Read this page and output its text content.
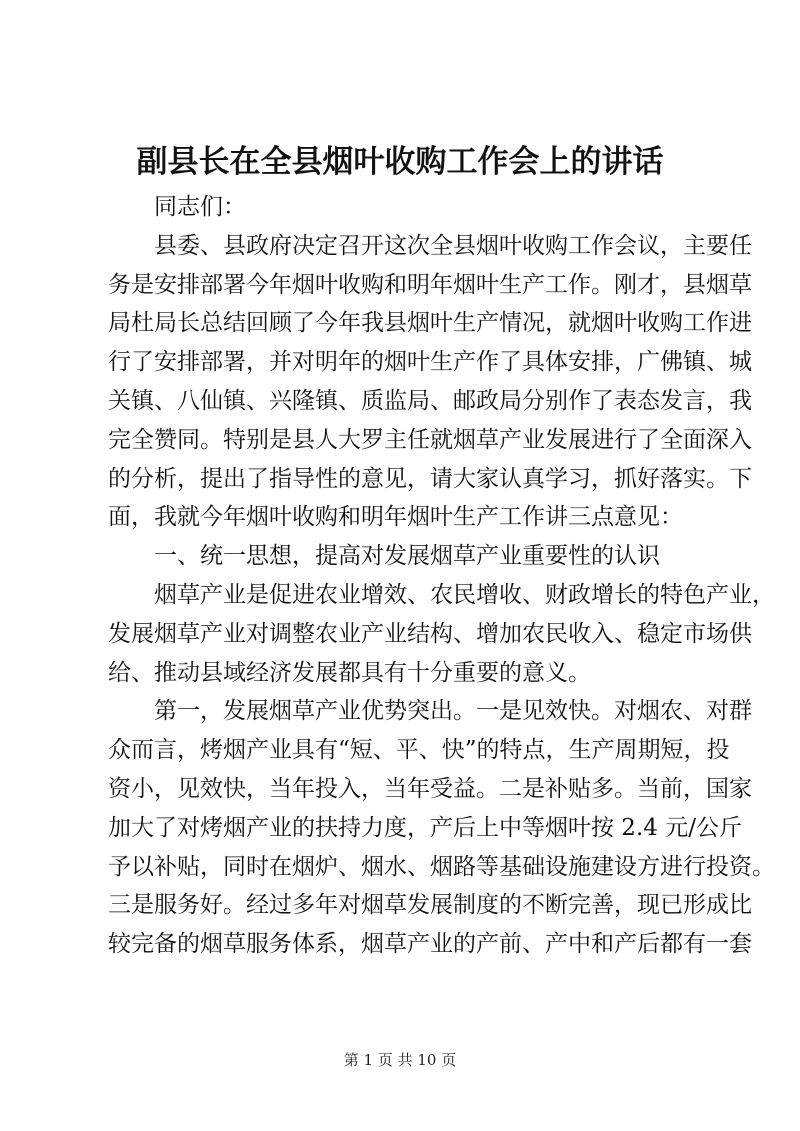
副县长在全县烟叶收购工作会上的讲话
同志们：
县委、县政府决定召开这次全县烟叶收购工作会议，主要任
务是安排部署今年烟叶收购和明年烟叶生产工作。刚才，县烟草
局杜局长总结回顾了今年我县烟叶生产情况，就烟叶收购工作进
行了安排部署，并对明年的烟叶生产作了具体安排，广佛镇、城
关镇、八仙镇、兴隆镇、质监局、邮政局分别作了表态发言，我
完全赞同。特别是县人大罗主任就烟草产业发展进行了全面深入
的分析，提出了指导性的意见，请大家认真学习，抓好落实。下
面，我就今年烟叶收购和明年烟叶生产工作讲三点意见：
一、统一思想，提高对发展烟草产业重要性的认识
烟草产业是促进农业增效、农民增收、财政增长的特色产业，
发展烟草产业对调整农业产业结构、增加农民收入、稳定市场供
给、推动县域经济发展都具有十分重要的意义。
第一，发展烟草产业优势突出。一是见效快。对烟农、对群
众而言，烤烟产业具有“短、平、快”的特点，生产周期短，投
资小，见效快，当年投入，当年受益。二是补贴多。当前，国家
加大了对烤烟产业的扶持力度，产后上中等烟叶按 2.4 元/公斤
予以补贴，同时在烟炉、烟水、烟路等基础设施建设方进行投资。
三是服务好。经过多年对烟草发展制度的不断完善，现已形成比
较完备的烟草服务体系，烟草产业的产前、产中和产后都有一套
第 1 页 共 10 页
